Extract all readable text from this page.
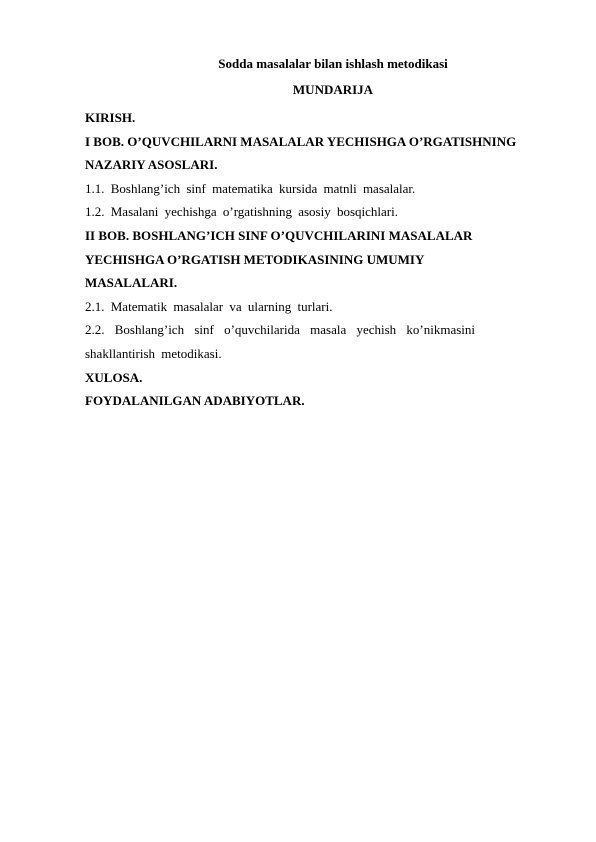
Sodda masalalar bilan ishlash metodikasi
MUNDARIJA
KIRISH.
I BOB. O’QUVCHILARNI MASALALAR YECHISHGA O’RGATISHNING
NAZARIY ASOSLARI.
1.1. Boshlang’ich sinf matematika kursida matnli masalalar.
1.2. Masalani yechishga o’rgatishning asosiy bosqichlari.
II BOB. BOSHLANG’ICH SINF O’QUVCHILARINI MASALALAR
YECHISHGA O’RGATISH METODIKASINING UMUMIY
MASALALARI.
2.1. Matematik masalalar va ularning turlari.
2.2. Boshlang’ich sinf o’quvchilarida masala yechish ko’nikmasini
shakllantirish metodikasi.
XULOSA.
FOYDALANILGAN ADABIYOTLAR.
